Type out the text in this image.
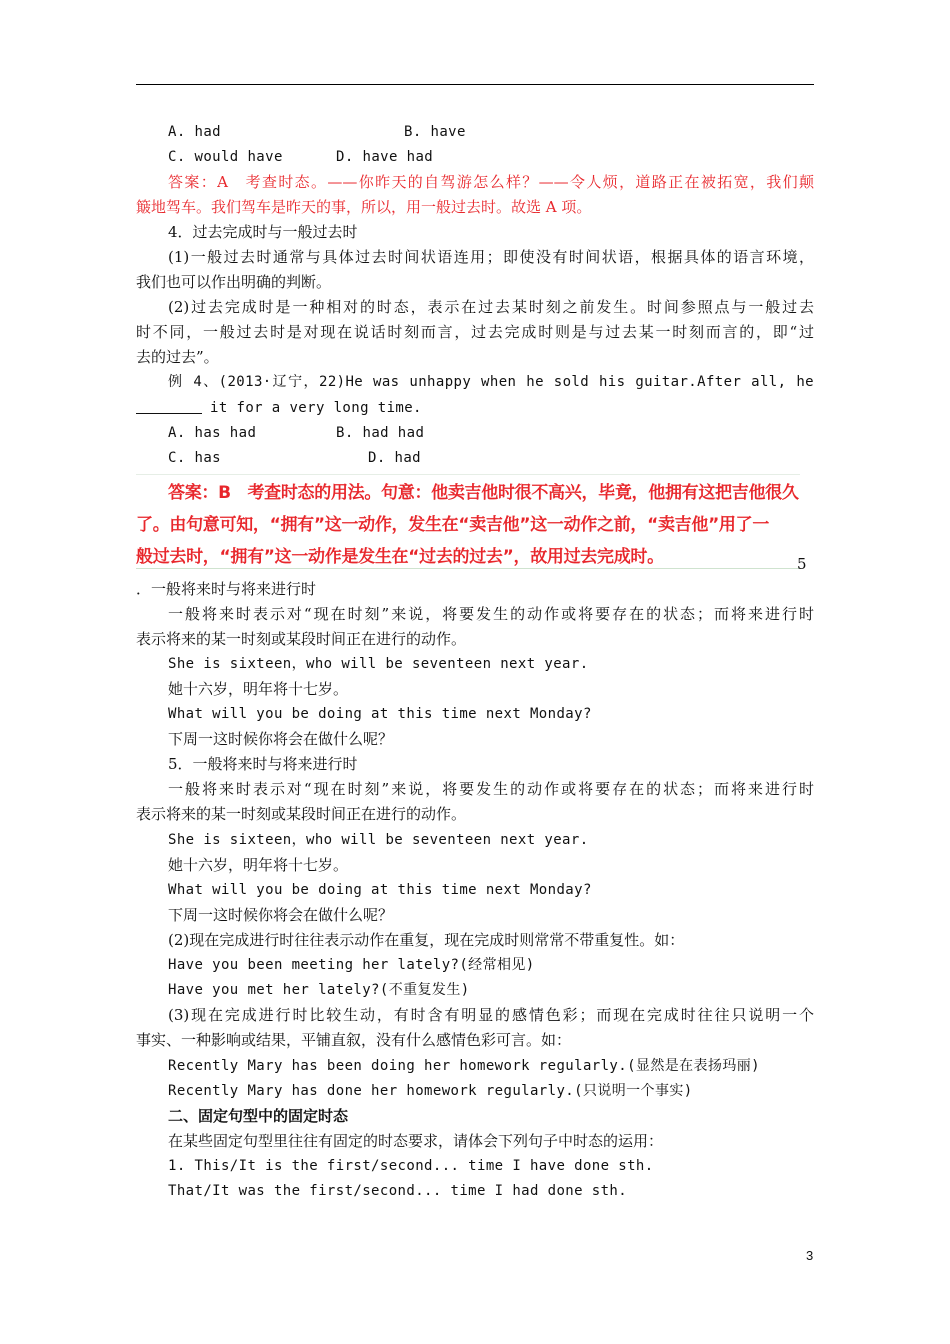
A. had	B. have
C. would have	D. have had
答案：A　考查时态。——你昨天的自驾游怎么样？——令人烦，道路正在被拓宽，我们颠
簸地驾车。我们驾车是昨天的事，所以，用一般过去时。故选 A 项。
4．过去完成时与一般过去时
(1)一般过去时通常与具体过去时间状语连用；即使没有时间状语，根据具体的语言环境，
我们也可以作出明确的判断。
(2)过去完成时是一种相对的时态，表示在过去某时刻之前发生。时间参照点与一般过去
时不同，一般过去时是对现在说话时刻而言，过去完成时则是与过去某一时刻而言的，即“过
去的过去”。
例 4、(2013·辽宁，22)He was unhappy when he sold his guitar.After all, he
it for a very long time.
A. has had	B. had had
C. has	D. had
答案：B　考查时态的用法。句意：他卖吉他时很不高兴，毕竟，他拥有这把吉他很久
了。由句意可知，“拥有”这一动作，发生在“卖吉他”这一动作之前，“卖吉他”用了一
般过去时，“拥有”这一动作是发生在“过去的过去”，故用过去完成时。	5
．一般将来时与将来进行时
一般将来时表示对“现在时刻”来说，将要发生的动作或将要存在的状态；而将来进行时
表示将来的某一时刻或某段时间正在进行的动作。
She is sixteen，who will be seventeen next year.
她十六岁，明年将十七岁。
What will you be doing at this time next Monday?
下周一这时候你将会在做什么呢？
5．一般将来时与将来进行时
一般将来时表示对“现在时刻”来说，将要发生的动作或将要存在的状态；而将来进行时
表示将来的某一时刻或某段时间正在进行的动作。
She is sixteen，who will be seventeen next year.
她十六岁，明年将十七岁。
What will you be doing at this time next Monday?
下周一这时候你将会在做什么呢？
(2)现在完成进行时往往表示动作在重复，现在完成时则常常不带重复性。如：
Have you been meeting her lately?(经常相见)
Have you met her lately?(不重复发生)
(3)现在完成进行时比较生动，有时含有明显的感情色彩；而现在完成时往往只说明一个
事实、一种影响或结果，平铺直叙，没有什么感情色彩可言。如：
Recently Mary has been doing her homework regularly.(显然是在表扬玛丽)
Recently Mary has done her homework regularly.(只说明一个事实)
二、固定句型中的固定时态
在某些固定句型里往往有固定的时态要求，请体会下列句子中时态的运用：
1. This/It is the first/second... time I have done sth.
That/It was the first/second... time I had done sth.
3
